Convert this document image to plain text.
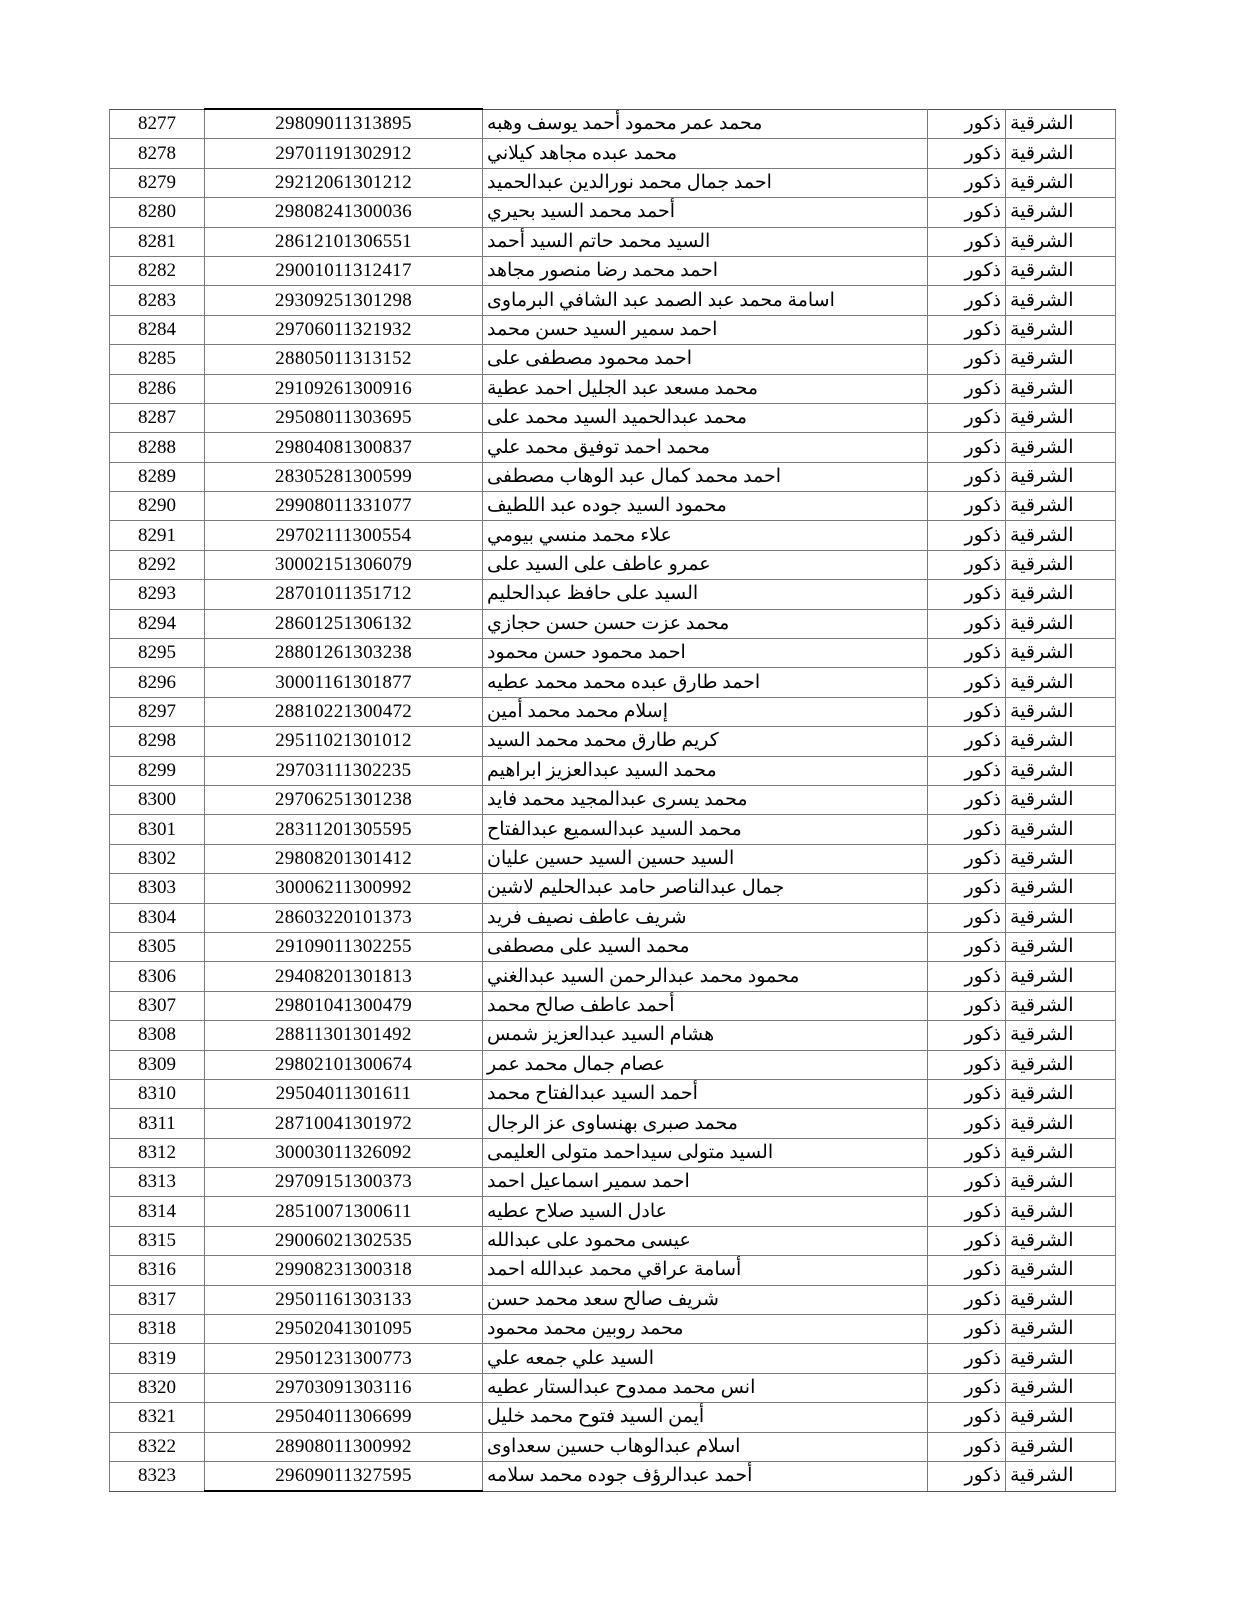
الشرقية	ذكور	محمد عمر محمود أحمد يوسف وهبه	29809011313895	8277
الشرقية	ذكور	محمد عبده مجاهد كيلاني	29701191302912	8278
الشرقية	ذكور	احمد جمال محمد نورالدين عبدالحميد	29212061301212	8279
الشرقية	ذكور	أحمد محمد السيد بحيري	29808241300036	8280
الشرقية	ذكور	السيد محمد حاتم السيد أحمد	28612101306551	8281
الشرقية	ذكور	احمد محمد رضا منصور مجاهد	29001011312417	8282
الشرقية	ذكور	اسامة محمد عبد الصمد عبد الشافي البرماوى	29309251301298	8283
الشرقية	ذكور	احمد سمير السيد حسن محمد	29706011321932	8284
الشرقية	ذكور	احمد محمود مصطفى على	28805011313152	8285
الشرقية	ذكور	محمد مسعد عبد الجليل احمد عطية	29109261300916	8286
الشرقية	ذكور	محمد عبدالحميد السيد محمد على	29508011303695	8287
الشرقية	ذكور	محمد احمد توفيق محمد علي	29804081300837	8288
الشرقية	ذكور	احمد محمد كمال عبد الوهاب مصطفى	28305281300599	8289
الشرقية	ذكور	محمود السيد جوده عبد اللطيف	29908011331077	8290
الشرقية	ذكور	علاء محمد منسي بيومي	29702111300554	8291
الشرقية	ذكور	عمرو عاطف على السيد على	30002151306079	8292
الشرقية	ذكور	السيد على حافظ عبدالحليم	28701011351712	8293
الشرقية	ذكور	محمد عزت حسن حسن حجازي	28601251306132	8294
الشرقية	ذكور	احمد محمود حسن محمود	28801261303238	8295
الشرقية	ذكور	احمد طارق عبده محمد محمد عطيه	30001161301877	8296
الشرقية	ذكور	إسلام محمد محمد أمين	28810221300472	8297
الشرقية	ذكور	كريم طارق محمد محمد السيد	29511021301012	8298
الشرقية	ذكور	محمد السيد عبدالعزيز ابراهيم	29703111302235	8299
الشرقية	ذكور	محمد يسرى عبدالمجيد محمد فايد	29706251301238	8300
الشرقية	ذكور	محمد السيد عبدالسميع عبدالفتاح	28311201305595	8301
الشرقية	ذكور	السيد حسين السيد حسين عليان	29808201301412	8302
الشرقية	ذكور	جمال عبدالناصر حامد عبدالحليم لاشين	30006211300992	8303
الشرقية	ذكور	شريف عاطف نصيف فريد	28603220101373	8304
الشرقية	ذكور	محمد السيد على مصطفى	29109011302255	8305
الشرقية	ذكور	محمود محمد عبدالرحمن السيد عبدالغني	29408201301813	8306
الشرقية	ذكور	أحمد عاطف صالح محمد	29801041300479	8307
الشرقية	ذكور	هشام السيد عبدالعزيز شمس	28811301301492	8308
الشرقية	ذكور	عصام جمال محمد عمر	29802101300674	8309
الشرقية	ذكور	أحمد السيد عبدالفتاح محمد	29504011301611	8310
الشرقية	ذكور	محمد صبرى بهنساوى عز الرجال	28710041301972	8311
الشرقية	ذكور	السيد متولى سيداحمد متولى العليمى	30003011326092	8312
الشرقية	ذكور	احمد سمير اسماعيل احمد	29709151300373	8313
الشرقية	ذكور	عادل السيد صلاح عطيه	28510071300611	8314
الشرقية	ذكور	عيسى محمود على عبدالله	29006021302535	8315
الشرقية	ذكور	أسامة عراقي محمد عبدالله احمد	29908231300318	8316
الشرقية	ذكور	شريف صالح سعد محمد حسن	29501161303133	8317
الشرقية	ذكور	محمد روبين محمد محمود	29502041301095	8318
الشرقية	ذكور	السيد علي جمعه علي	29501231300773	8319
الشرقية	ذكور	انس محمد ممدوح عبدالستار عطيه	29703091303116	8320
الشرقية	ذكور	أيمن السيد فتوح محمد خليل	29504011306699	8321
الشرقية	ذكور	اسلام عبدالوهاب حسين سعداوى	28908011300992	8322
الشرقية	ذكور	أحمد عبدالرؤف جوده محمد سلامه	29609011327595	8323
